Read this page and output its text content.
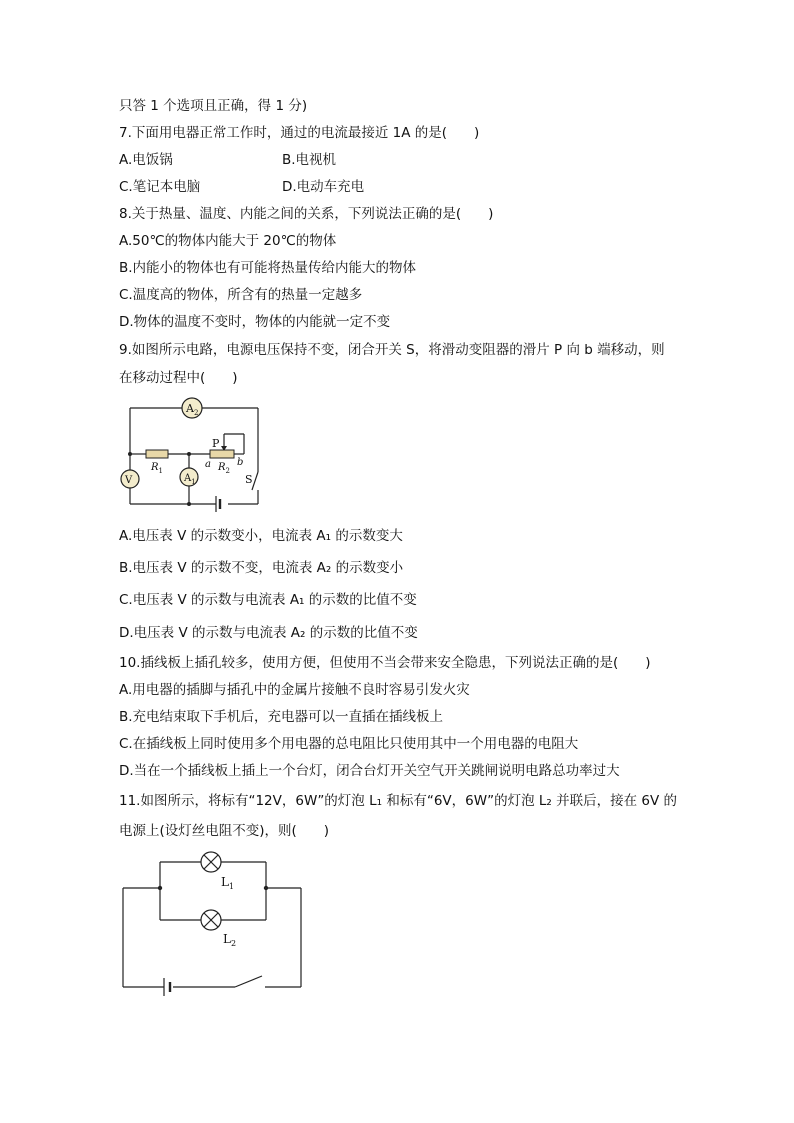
只答 1 个选项且正确，得 1 分)
7.下面用电器正常工作时，通过的电流最接近 1A 的是(　　)
A.电饭锅	B.电视机
C.笔记本电脑	D.电动车充电
8.关于热量、温度、内能之间的关系，下列说法正确的是(　　)
A.50℃的物体内能大于 20℃的物体
B.内能小的物体也有可能将热量传给内能大的物体
C.温度高的物体，所含有的热量一定越多
D.物体的温度不变时，物体的内能就一定不变
9.如图所示电路，电源电压保持不变，闭合开关 S，将滑动变阻器的滑片 P 向 b 端移动，则
在移动过程中(　　)
$A_2$
$A_1$
V
$R_1$	$R_2$
P
a	b
S
A.电压表 V 的示数变小，电流表 A₁ 的示数变大
B.电压表 V 的示数不变，电流表 A₂ 的示数变小
C.电压表 V 的示数与电流表 A₁ 的示数的比值不变
D.电压表 V 的示数与电流表 A₂ 的示数的比值不变
10.插线板上插孔较多，使用方便，但使用不当会带来安全隐患，下列说法正确的是(　　)
A.用电器的插脚与插孔中的金属片接触不良时容易引发火灾
B.充电结束取下手机后，充电器可以一直插在插线板上
C.在插线板上同时使用多个用电器的总电阻比只使用其中一个用电器的电阻大
D.当在一个插线板上插上一个台灯，闭合台灯开关空气开关跳闸说明电路总功率过大
11.如图所示，将标有“12V，6W”的灯泡 L₁ 和标有“6V，6W”的灯泡 L₂ 并联后，接在 6V 的
电源上(设灯丝电阻不变)，则(　　)
$L_1$
$L_2$
